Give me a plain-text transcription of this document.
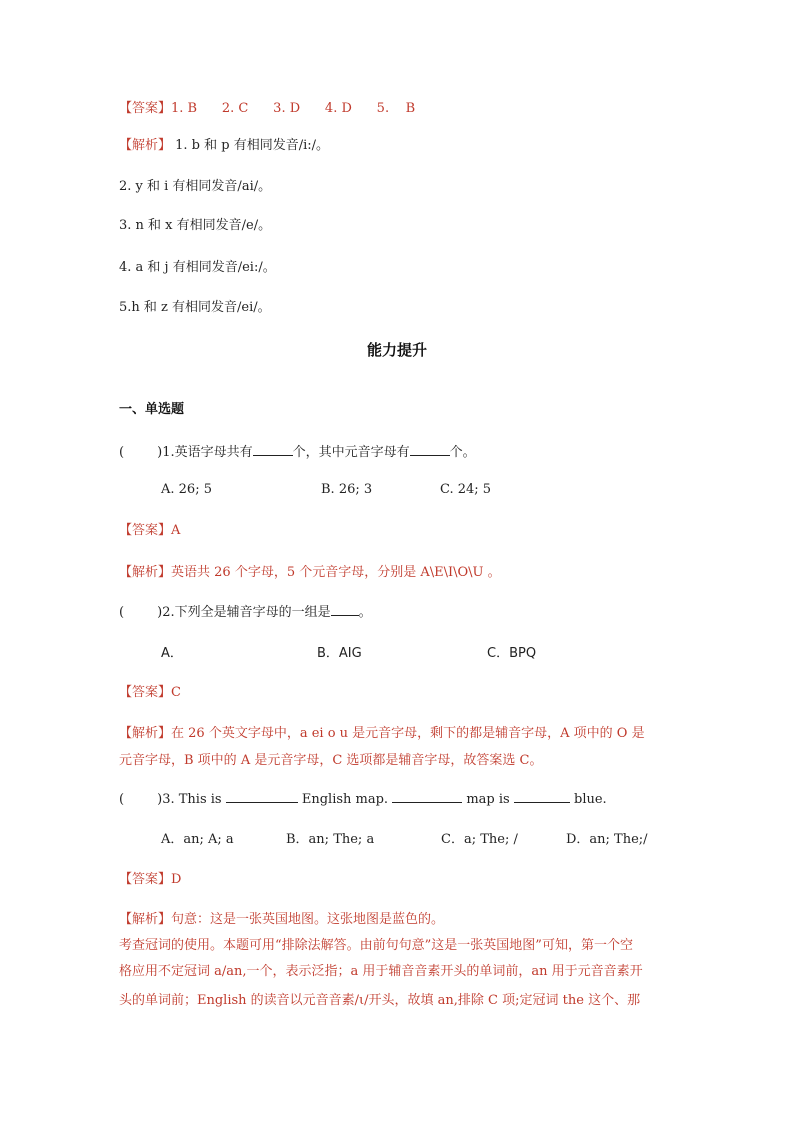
【答案】1. B      2. C      3. D      4. D      5.    B
【解析】 1. b 和 p 有相同发音/i:/。
2. y 和 i 有相同发音/ai/。
3. n 和 x 有相同发音/e/。
4. a 和 j 有相同发音/ei:/。
5.h 和 z 有相同发音/ei/。
能力提升
一、单选题
(        )1.英语字母共有	个，其中元音字母有	个。
A. 26; 5	B. 26; 3	C. 24; 5
【答案】A
【解析】英语共 26 个字母，5 个元音字母，分别是 A\E\I\O\U 。
(        )2.下列全是辅音字母的一组是 。
A．	B．AIG	C．BPQ
【答案】C
【解析】在 26 个英文字母中，a ei o u 是元音字母，剩下的都是辅音字母，A 项中的 O 是
元音字母，B 项中的 A 是元音字母，C 选项都是辅音字母，故答案选 C。
(        )3. This is	English map.	map is	blue.
A．an; A; a	B．an; The; a	C．a; The; /	D．an; The;/
【答案】D
【解析】句意：这是一张英国地图。这张地图是蓝色的。
考查冠词的使用。本题可用“排除法解答。由前句句意”这是一张英国地图”可知，第一个空
格应用不定冠词 a/an,一个，表示泛指；a 用于辅音音素开头的单词前，an 用于元音音素开
头的单词前；English 的读音以元音音素/ι/开头，故填 an,排除 C 项;定冠词 the 这个、那
